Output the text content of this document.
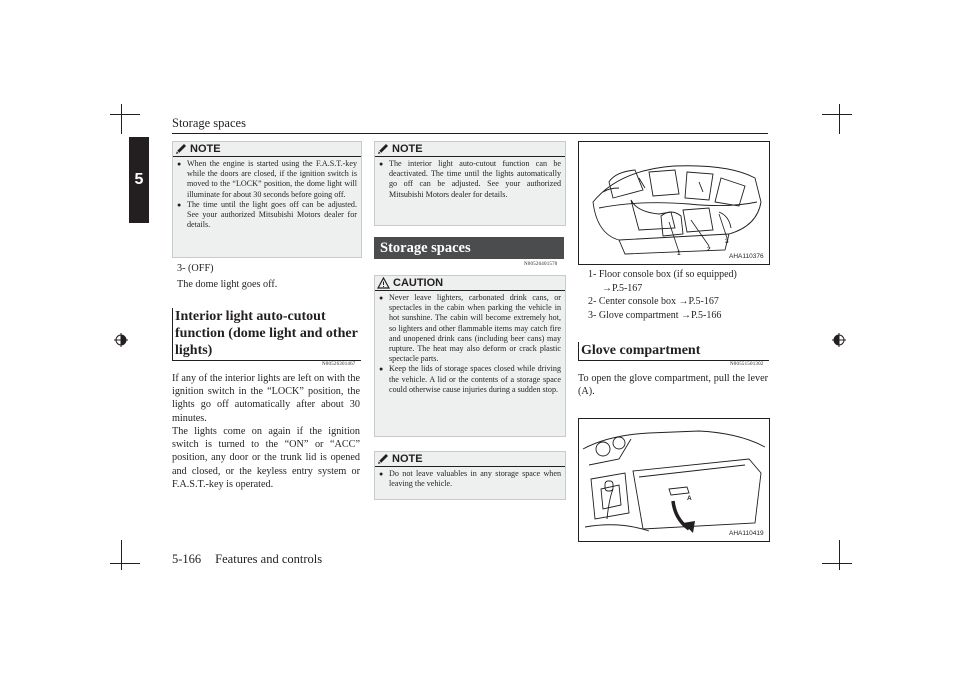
Storage spaces
5
NOTE

● When the engine is started using the F.A.S.T.-key while the doors are closed, if the ignition switch is moved to the “LOCK” position, the dome light will illuminate for about 30 seconds before going off.

● The time until the light goes off can be adjusted. See your authorized Mitsubishi Motors dealer for details.

3- (OFF)

The dome light goes off.

Interior light auto-cutout function (dome light and other lights)
N00526301467

If any of the interior lights are left on with the ignition switch in the “LOCK” position, the lights go off automatically after about 30 minutes.

The lights come on again if the ignition switch is turned to the “ON” or “ACC” position, any door or the trunk lid is opened and closed, or the keyless entry system or F.A.S.T.-key is operated.

NOTE

● The interior light auto-cutout function can be deactivated. The time until the lights automatically go off can be adjusted. See your authorized Mitsubishi Motors dealer for details.

Storage spaces
N00526401570
CAUTION

● Never leave lighters, carbonated drink cans, or spectacles in the cabin when parking the vehicle in hot sunshine. The cabin will become extremely hot, so lighters and other flammable items may catch fire and unopened drink cans (including beer cans) may rupture. The heat may also deform or crack plastic spectacle parts.

● Keep the lids of storage spaces closed while driving the vehicle. A lid or the contents of a storage space could otherwise cause injuries during a sudden stop.

NOTE

● Do not leave valuables in any storage space when leaving the vehicle.

1
2
3
AHA110376
1- Floor console box (if so equipped)
→P.5-167
2- Center console box →P.5-167
3- Glove compartment →P.5-166
Glove compartment
N00551501302

To open the glove compartment, pull the lever (A).

A
AHA110419
5-166 Features and controls
